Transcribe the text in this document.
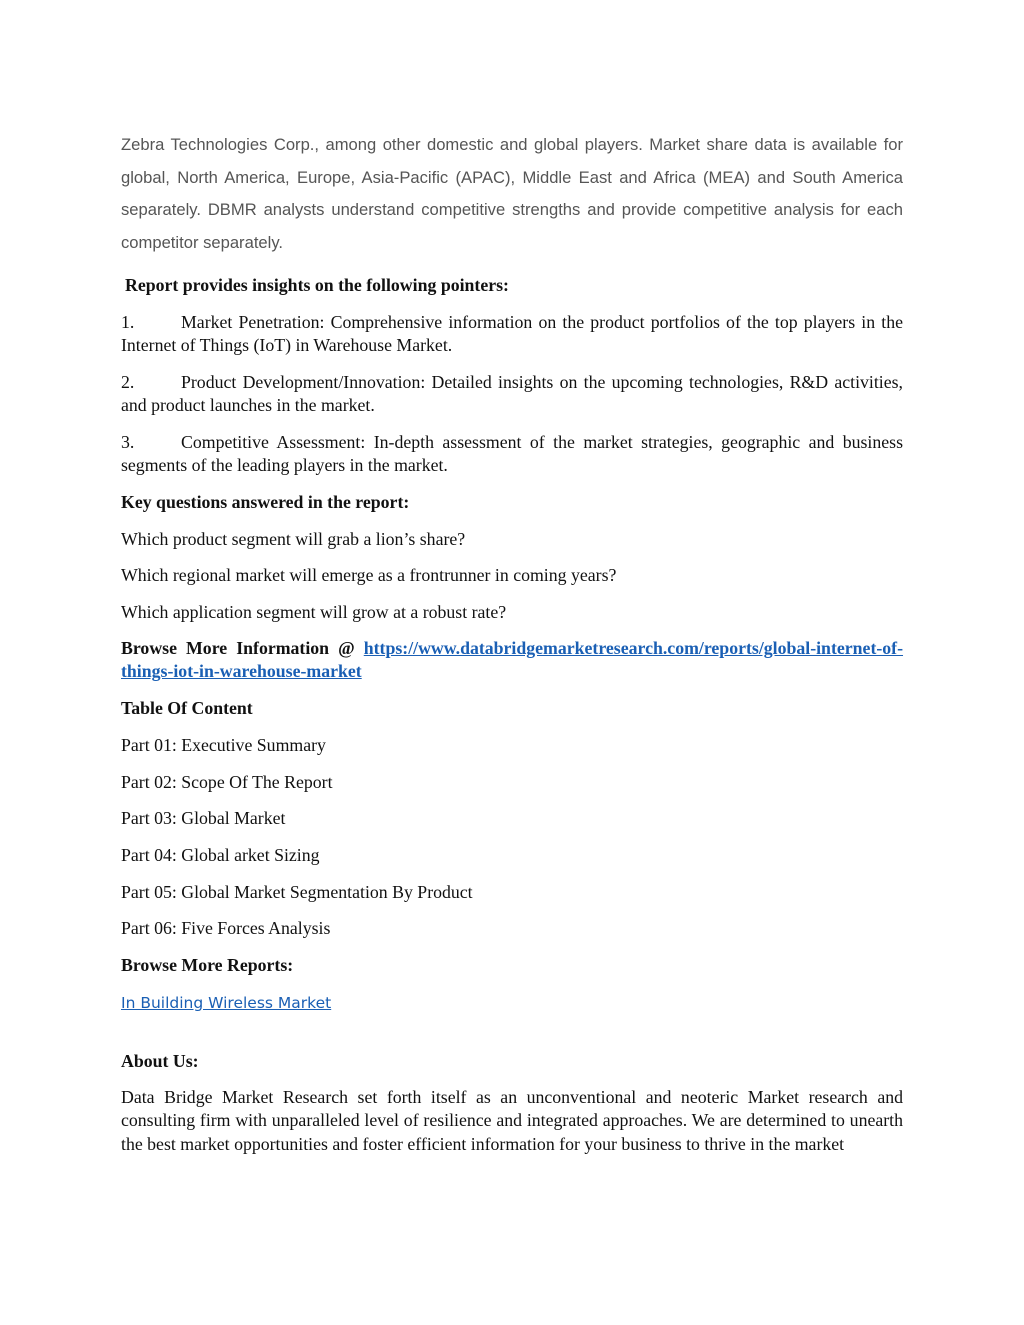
Zebra Technologies Corp., among other domestic and global players. Market share data is available for global, North America, Europe, Asia-Pacific (APAC), Middle East and Africa (MEA) and South America separately. DBMR analysts understand competitive strengths and provide competitive analysis for each competitor separately.

Report provides insights on the following pointers:

1.	Market Penetration: Comprehensive information on the product portfolios of the top players in the Internet of Things (IoT) in Warehouse Market.

2.	Product Development/Innovation: Detailed insights on the upcoming technologies, R&D activities, and product launches in the market.

3.	Competitive Assessment: In-depth assessment of the market strategies, geographic and business segments of the leading players in the market.

Key questions answered in the report:

Which product segment will grab a lion’s share?

Which regional market will emerge as a frontrunner in coming years?

Which application segment will grow at a robust rate?

Browse More Information @ https://www.databridgemarketresearch.com/reports/global-internet-of-things-iot-in-warehouse-market

Table Of Content

Part 01: Executive Summary

Part 02: Scope Of The Report

Part 03: Global Market

Part 04: Global arket Sizing

Part 05: Global Market Segmentation By Product

Part 06: Five Forces Analysis

Browse More Reports:

In Building Wireless Market

About Us:

Data Bridge Market Research set forth itself as an unconventional and neoteric Market research and consulting firm with unparalleled level of resilience and integrated approaches. We are determined to unearth the best market opportunities and foster efficient information for your business to thrive in the market
